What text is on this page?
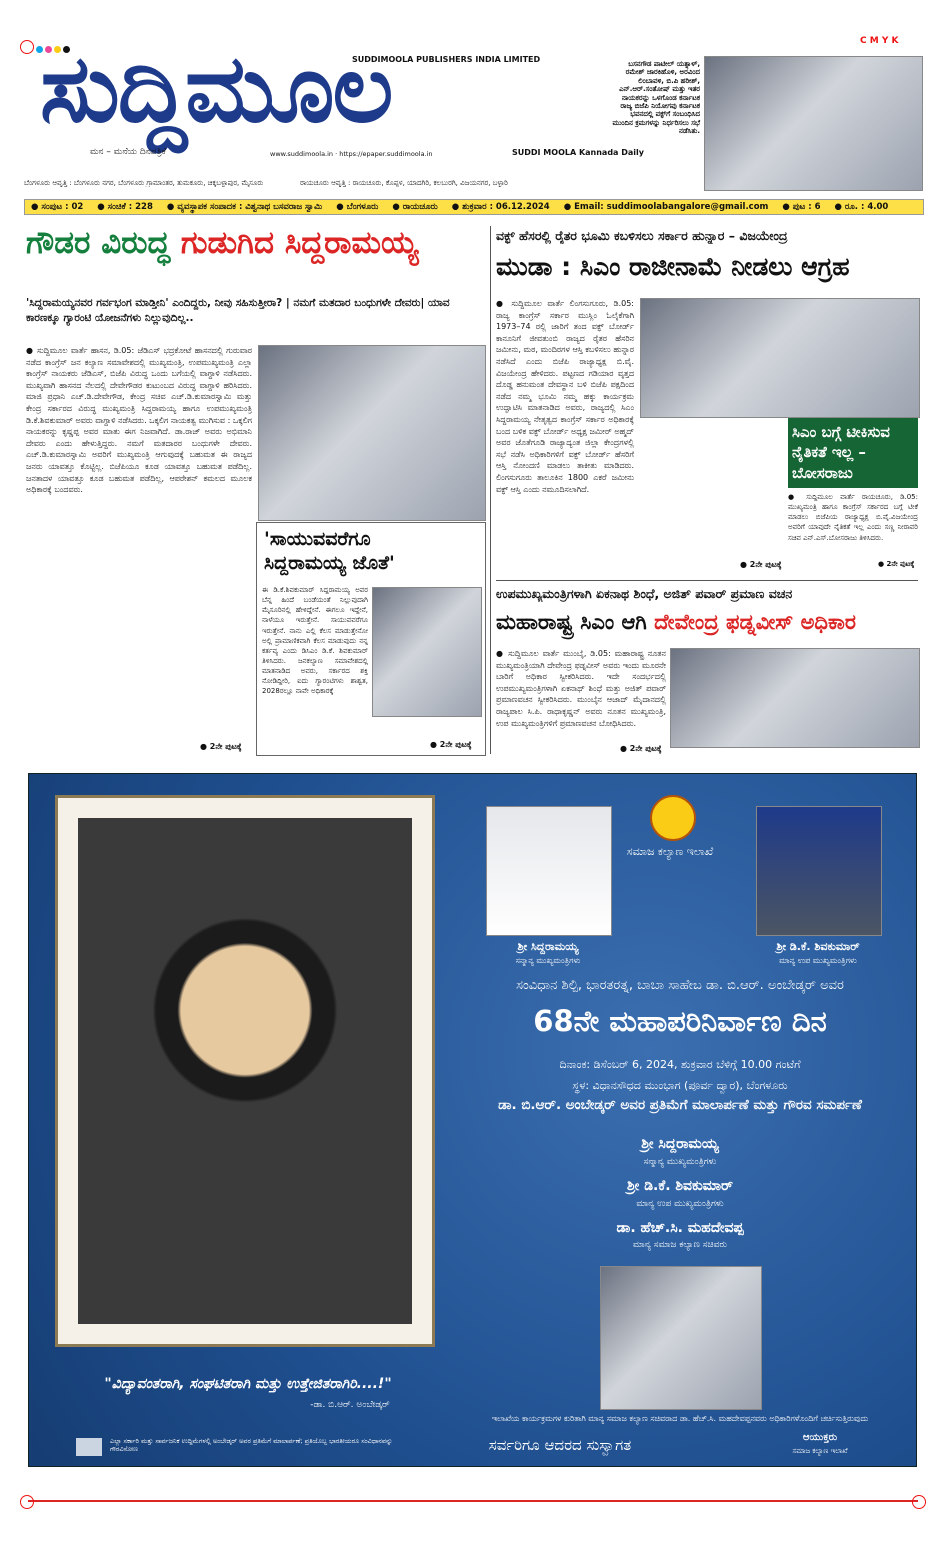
C M Y K
ಸುದ್ದಿಮೂಲ
SUDDIMOOLA PUBLISHERS INDIA LIMITED
ಮನ – ಮನೆಯ ದಿನಪತ್ರಿಕೆ	www.suddimoola.in · https://epaper.suddimoola.in	SUDDI MOOLA Kannada Daily
ಬಸನಗೌಡ ಪಾಟೀಲ್ ಯತ್ನಾಳ್, ರಮೇಶ್ ಜಾರಕಿಹೊಳಿ, ಅರವಿಂದ ಲಿಂಬಾವಳಿ, ಬಿ.ಪಿ ಹರೀಶ್, ಎನ್.ಆರ್.ಸಂತೋಷ್ ಮತ್ತು ಇತರ ನಾಯಕರನ್ನು ಒಳಗೊಂಡ ಕರ್ನಾಟಕ ರಾಜ್ಯ ಬಿಜೆಪಿ ನಿಯೋಗವು ಕರ್ನಾಟಕ ಭವನದಲ್ಲಿ ವಕ್ಫ್‌ಗೆ ಸಂಬಂಧಿಸಿದ ಮುಂದಿನ ಕ್ರಮಗಳನ್ನು ನಿರ್ಧರಿಸಲು ಸಭೆ ನಡೆಸಿತು.
ಬೆಂಗಳೂರು ಆವೃತ್ತಿ : ಬೆಂಗಳೂರು ನಗರ, ಬೆಂಗಳೂರು ಗ್ರಾಮಾಂತರ, ತುಮಕೂರು, ಚಿಕ್ಕಬಳ್ಳಾಪುರ, ಮೈಸೂರು	ರಾಯಚೂರು ಆವೃತ್ತಿ : ರಾಯಚೂರು, ಕೊಪ್ಪಳ, ಯಾದಗಿರಿ, ಕಲಬುರಗಿ, ವಿಜಯನಗರ, ಬಳ್ಳಾರಿ
● ಸಂಪುಟ : 02 ● ಸಂಚಿಕೆ : 228 ● ವ್ಯವಸ್ಥಾಪಕ ಸಂಪಾದಕ : ವಿಶ್ವನಾಥ ಬಸವರಾಜ ಸ್ವಾಮಿ ● ಬೆಂಗಳೂರು ● ರಾಯಚೂರು ● ಶುಕ್ರವಾರ : 06.12.2024 ● Email: suddimoolabangalore@gmail.com ● ಪುಟ : 6 ● ರೂ. : 4.00
ಗೌಡರ ವಿರುದ್ಧ ಗುಡುಗಿದ ಸಿದ್ದರಾಮಯ್ಯ
'ಸಿದ್ದರಾಮಯ್ಯನವರ ಗರ್ವಭಂಗ ಮಾಡ್ತೀನಿ' ಎಂದಿದ್ದರು, ನೀವು ಸಹಿಸುತ್ತೀರಾ? | ನಮಗೆ ಮತದಾರ ಬಂಧುಗಳೇ ದೇವರು| ಯಾವ ಕಾರಣಕ್ಕೂ ಗ್ಯಾರಂಟಿ ಯೋಜನೆಗಳು ನಿಲ್ಲುವುದಿಲ್ಲ..
● ಸುದ್ದಿಮೂಲ ವಾರ್ತೆ ಹಾಸನ, ಡಿ.05: ಜೆಡಿಎಸ್ ಭದ್ರಕೋಟೆ ಹಾಸನದಲ್ಲಿ ಗುರುವಾರ ನಡೆದ ಕಾಂಗ್ರೆಸ್ ಜನ ಕಲ್ಯಾಣ ಸಮಾವೇಶದಲ್ಲಿ ಮುಖ್ಯಮಂತ್ರಿ, ಉಪಮುಖ್ಯಮಂತ್ರಿ ಎಲ್ಲಾ ಕಾಂಗ್ರೆಸ್ ನಾಯಕರು ಜೆಡಿಎಸ್, ಬಿಜೆಪಿ ವಿರುದ್ಧ ಒಂದು ಬಗೆಯಲ್ಲಿ ವಾಗ್ದಾಳಿ ನಡೆಸಿದರು. ಮುಖ್ಯವಾಗಿ ಹಾಸನದ ನೆಲದಲ್ಲಿ ದೇವೇಗೌಡರ ಕುಟುಂಬದ ವಿರುದ್ಧ ವಾಗ್ದಾಳಿ ಹರಿಸಿದರು. ಮಾಜಿ ಪ್ರಧಾನಿ ಎಚ್.ಡಿ.ದೇವೇಗೌಡ, ಕೇಂದ್ರ ಸಚಿವ ಎಚ್.ಡಿ.ಕುಮಾರಸ್ವಾಮಿ ಮತ್ತು ಕೇಂದ್ರ ಸರ್ಕಾರದ ವಿರುದ್ಧ ಮುಖ್ಯಮಂತ್ರಿ ಸಿದ್ದರಾಮಯ್ಯ ಹಾಗೂ ಉಪಮುಖ್ಯಮಂತ್ರಿ ಡಿ.ಕೆ.ಶಿವಕುಮಾರ್ ಅವರು ವಾಗ್ದಾಳಿ ನಡೆಸಿದರು. ಒಕ್ಕಲಿಗ ನಾಯಕತ್ವ ಮುಗಿಸುವ : ಒಕ್ಕಲಿಗ ನಾಯಕರನ್ನು ಕೃಷ್ಣಪ್ಪ ಅವರ ಮಾತು ಈಗ ನಿಜವಾಗಿದೆ. ಡಾ.ರಾಜ್ ಅವರು ಅಭಿಮಾನಿ ದೇವರು ಎಂದು ಹೇಳುತ್ತಿದ್ದರು. ನಮಗೆ ಮತದಾರರ ಬಂಧುಗಳೇ ದೇವರು. ಎಚ್.ಡಿ.ಕುಮಾರಸ್ವಾಮಿ ಅವರಿಗೆ ಮುಖ್ಯಮಂತ್ರಿ ಆಗುವುದಕ್ಕೆ ಬಹುಮತ ಈ ರಾಜ್ಯದ ಜನರು ಯಾವತ್ತೂ ಕೊಟ್ಟಿಲ್ಲ. ಬಿಜೆಪಿಯೂ ಕೂಡ ಯಾವತ್ತೂ ಬಹುಮತ ಪಡೆದಿಲ್ಲ. ಜನತಾದಳ ಯಾವತ್ತೂ ಕೂಡ ಬಹುಮತ ಪಡೆದಿಲ್ಲ, ಆಪರೇಶನ್ ಕಮಲದ ಮೂಲಕ ಅಧಿಕಾರಕ್ಕೆ ಬಂದವರು.
● 2ನೇ ಪುಟಕ್ಕೆ
'ಸಾಯುವವರೆಗೂ
ಸಿದ್ದರಾಮಯ್ಯ ಜೊತೆ'
ಈ ಡಿ.ಕೆ.ಶಿವಕುಮಾರ್ ಸಿದ್ದರಾಮಯ್ಯ ಅವರ ಬೆನ್ನ ಹಿಂದೆ ಬಂಡೆಯಂತೆ ನಿಲ್ಲುವುದಾಗಿ ಮೈಸೂರಿನಲ್ಲಿ ಹೇಳಿದ್ದೇನೆ. ಈಗಲೂ ಇದ್ದೇನೆ, ನಾಳೆಯೂ ಇರುತ್ತೇನೆ. ಸಾಯುವವರೆಗೂ ಇರುತ್ತೇನೆ. ನಾನು ಎಲ್ಲಿ ಕೆಲಸ ಮಾಡುತ್ತೇನೋ ಅಲ್ಲಿ ಪ್ರಾಮಾಣಿಕವಾಗಿ ಕೆಲಸ ಮಾಡುವುದು ನನ್ನ ಕರ್ತವ್ಯ ಎಂದು ಡಿಸಿಎಂ ಡಿ.ಕೆ. ಶಿವಕುಮಾರ್ ತಿಳಿಸಿದರು. ಜನಕಲ್ಯಾಣ ಸಮಾವೇಶದಲ್ಲಿ ಮಾತನಾಡಿದ ಅವರು, ಸರ್ಕಾರದ ಶಕ್ತಿ ನೋಡಿದ್ದೀರಿ, ಐದು ಗ್ಯಾರಂಟಿಗಳು ಶಾಶ್ವತ, 2028ರಲ್ಲೂ ನಾವೇ ಅಧಿಕಾರಕ್ಕೆ
● 2ನೇ ಪುಟಕ್ಕೆ
ವಕ್ಫ್ ಹೆಸರಲ್ಲಿ ರೈತರ ಭೂಮಿ ಕಬಳಿಸಲು ಸರ್ಕಾರ ಹುನ್ನಾರ – ವಿಜಯೇಂದ್ರ
ಮುಡಾ : ಸಿಎಂ ರಾಜೀನಾಮೆ ನೀಡಲು ಆಗ್ರಹ
● ಸುದ್ದಿಮೂಲ ವಾರ್ತೆ ಲಿಂಗಸುಗೂರು, ಡಿ.05: ರಾಜ್ಯ ಕಾಂಗ್ರೆಸ್ ಸರ್ಕಾರ ಮುಸ್ಲಿಂ ಓಲೈಕೆಗಾಗಿ 1973–74 ರಲ್ಲಿ ಜಾರಿಗೆ ತಂದ ವಕ್ಫ್ ಬೋರ್ಡ್ ಕಾನೂನಿಗೆ ಜೀವತುಂಬಿ ರಾಜ್ಯದ ರೈತರ ಹೆಸರಿನ ಜಮೀನು, ಮಠ, ಮಂದಿರಗಳ ಆಸ್ತಿ ಕಬಳಿಸಲು ಹುನ್ನಾರ ನಡೆಸಿದೆ ಎಂದು ಬಿಜೆಪಿ ರಾಜ್ಯಾಧ್ಯಕ್ಷ ಬಿ.ವೈ. ವಿಜಯೇಂದ್ರ ಹೇಳಿದರು. ಪಟ್ಟಣದ ಗಡಿಯಾರ ವೃತ್ತದ ದೊಡ್ಡ ಹನುಮಂತ ದೇವಸ್ಥಾನ ಬಳಿ ಬಿಜೆಪಿ ಪಕ್ಷದಿಂದ ನಡೆದ ನಮ್ಮ ಭೂಮಿ ನಮ್ಮ ಹಕ್ಕು ಕಾರ್ಯಕ್ರಮ ಉದ್ಘಾಟಿಸಿ ಮಾತನಾಡಿದ ಅವರು, ರಾಜ್ಯದಲ್ಲಿ ಸಿಎಂ ಸಿದ್ದರಾಮಯ್ಯ ನೇತೃತ್ವದ ಕಾಂಗ್ರೆಸ್ ಸರ್ಕಾರ ಅಧಿಕಾರಕ್ಕೆ ಬಂದ ಬಳಿಕ ವಕ್ಫ್ ಬೋರ್ಡ್ ಅಧ್ಯಕ್ಷ ಜಮೀರ್ ಅಹ್ಮದ್ ಅವರ ಜೊತೆಗೂಡಿ ರಾಜ್ಯಾದ್ಯಂತ ಜಿಲ್ಲಾ ಕೇಂದ್ರಗಳಲ್ಲಿ ಸಭೆ ನಡೆಸಿ ಅಧಿಕಾರಿಗಳಿಗೆ ವಕ್ಫ್ ಬೋರ್ಡ್ ಹೆಸರಿಗೆ ಆಸ್ತಿ ನೋಂದಣಿ ಮಾಡಲು ತಾಕೀತು ಮಾಡಿದರು. ಲಿಂಗಸುಗೂರು ತಾಲೂಕಿನ 1800 ಎಕರೆ ಜಮೀನು ವಕ್ಫ್ ಆಸ್ತಿ ಎಂದು ನಮೂದಿಸಲಾಗಿದೆ.
● 2ನೇ ಪುಟಕ್ಕೆ
ಸಿಎಂ ಬಗ್ಗೆ ಟೀಕಿಸುವ ನೈತಿಕತೆ ಇಲ್ಲ – ಬೋಸರಾಜು
● ಸುದ್ದಿಮೂಲ ವಾರ್ತೆ ರಾಯಚೂರು, ಡಿ.05: ಮುಖ್ಯಮಂತ್ರಿ ಹಾಗೂ ಕಾಂಗ್ರೆಸ್ ಸರ್ಕಾರದ ಬಗ್ಗೆ ಟೀಕೆ ಮಾಡಲು ಬಿಜೆಪಿಯ ರಾಜ್ಯಾಧ್ಯಕ್ಷ ಬಿ.ವೈ.ವಿಜಯೇಂದ್ರ ಅವರಿಗೆ ಯಾವುದೇ ನೈತಿಕತೆ ಇಲ್ಲ ಎಂದು ಸಣ್ಣ ನೀರಾವರಿ ಸಚಿವ ಎನ್.ಎಸ್.ಬೋಸರಾಜು ತಿಳಿಸಿದರು.
● 2ನೇ ಪುಟಕ್ಕೆ
ಉಪಮುಖ್ಯಮಂತ್ರಿಗಳಾಗಿ ಏಕನಾಥ ಶಿಂಧೆ, ಅಜಿತ್ ಪವಾರ್ ಪ್ರಮಾಣ ವಚನ
ಮಹಾರಾಷ್ಟ್ರ ಸಿಎಂ ಆಗಿ ದೇವೇಂದ್ರ ಫಡ್ನವೀಸ್ ಅಧಿಕಾರ
● ಸುದ್ದಿಮೂಲ ವಾರ್ತೆ ಮುಂಬೈ, ಡಿ.05: ಮಹಾರಾಷ್ಟ್ರ ನೂತನ ಮುಖ್ಯಮಂತ್ರಿಯಾಗಿ ದೇವೇಂದ್ರ ಫಡ್ನವೀಸ್ ಅವರು ಇಂದು ಮೂರನೇ ಬಾರಿಗೆ ಅಧಿಕಾರ ಸ್ವೀಕರಿಸಿದರು. ಇದೇ ಸಂದರ್ಭದಲ್ಲಿ ಉಪಮುಖ್ಯಮಂತ್ರಿಗಳಾಗಿ ಏಕನಾಥ್ ಶಿಂಧೆ ಮತ್ತು ಅಜಿತ್ ಪವಾರ್ ಪ್ರಮಾಣವಚನ ಸ್ವೀಕರಿಸಿದರು. ಮುಂಬೈನ ಆಜಾದ್ ಮೈದಾನದಲ್ಲಿ ರಾಜ್ಯಪಾಲ ಸಿ.ಪಿ. ರಾಧಾಕೃಷ್ಣನ್ ಅವರು ನೂತನ ಮುಖ್ಯಮಂತ್ರಿ, ಉಪ ಮುಖ್ಯಮಂತ್ರಿಗಳಿಗೆ ಪ್ರಮಾಣವಚನ ಬೋಧಿಸಿದರು.
● 2ನೇ ಪುಟಕ್ಕೆ
ಸಮಾಜ ಕಲ್ಯಾಣ ಇಲಾಖೆ
ಶ್ರೀ ಸಿದ್ದರಾಮಯ್ಯ
ಸನ್ಮಾನ್ಯ ಮುಖ್ಯಮಂತ್ರಿಗಳು
ಶ್ರೀ ಡಿ.ಕೆ. ಶಿವಕುಮಾರ್
ಮಾನ್ಯ ಉಪ ಮುಖ್ಯಮಂತ್ರಿಗಳು
ಸಂವಿಧಾನ ಶಿಲ್ಪಿ, ಭಾರತರತ್ನ, ಬಾಬಾ ಸಾಹೇಬ ಡಾ. ಬಿ.ಆರ್. ಅಂಬೇಡ್ಕರ್ ಅವರ
68ನೇ ಮಹಾಪರಿನಿರ್ವಾಣ ದಿನ
ದಿನಾಂಕ: ಡಿಸೆಂಬರ್ 6, 2024, ಶುಕ್ರವಾರ ಬೆಳಿಗ್ಗೆ 10.00 ಗಂಟೆಗೆ
ಸ್ಥಳ: ವಿಧಾನಸೌಧದ ಮುಂಭಾಗ (ಪೂರ್ವ ದ್ವಾರ), ಬೆಂಗಳೂರು
ಡಾ. ಬಿ.ಆರ್. ಅಂಬೇಡ್ಕರ್ ಅವರ ಪ್ರತಿಮೆಗೆ ಮಾಲಾರ್ಪಣೆ ಮತ್ತು ಗೌರವ ಸಮರ್ಪಣೆ
ಶ್ರೀ ಸಿದ್ದರಾಮಯ್ಯ
ಸನ್ಮಾನ್ಯ ಮುಖ್ಯಮಂತ್ರಿಗಳು
ಶ್ರೀ ಡಿ.ಕೆ. ಶಿವಕುಮಾರ್
ಮಾನ್ಯ ಉಪ ಮುಖ್ಯಮಂತ್ರಿಗಳು
ಡಾ. ಹೆಚ್.ಸಿ. ಮಹದೇವಪ್ಪ
ಮಾನ್ಯ ಸಮಾಜ ಕಲ್ಯಾಣ ಸಚಿವರು
ಇಲಾಖೆಯ ಕಾರ್ಯಕ್ರಮಗಳ ಕುರಿತಾಗಿ ಮಾನ್ಯ ಸಮಾಜ ಕಲ್ಯಾಣ ಸಚಿವರಾದ ಡಾ. ಹೆಚ್.ಸಿ. ಮಹದೇವಪ್ಪನವರು ಅಧಿಕಾರಿಗಳೊಂದಿಗೆ ಚರ್ಚಿಸುತ್ತಿರುವುದು
"ವಿದ್ಯಾವಂತರಾಗಿ, ಸಂಘಟಿತರಾಗಿ ಮತ್ತು ಉತ್ತೇಜಿತರಾಗಿರಿ....!"
-ಡಾ. ಬಿ.ಆರ್. ಅಂಬೇಡ್ಕರ್
ಎಲ್ಲಾ ಸರ್ಕಾರಿ ಮತ್ತು ಸಾರ್ವಜನಿಕ ಉದ್ದಿಮೆಗಳಲ್ಲಿ ಅಂಬೇಡ್ಕರ್ ಅವರ ಪ್ರತಿಮೆಗೆ ಮಾಲಾರ್ಪಣೆ; ಪ್ರತಿಯೊಬ್ಬ ಭಾರತೀಯರೂ ಸಂವಿಧಾನವನ್ನು ಗೌರವಿಸೋಣ	ಸರ್ವರಿಗೂ ಆದರದ ಸುಸ್ವಾಗತ	ಆಯುಕ್ತರು
ಸಮಾಜ ಕಲ್ಯಾಣ ಇಲಾಖೆ
